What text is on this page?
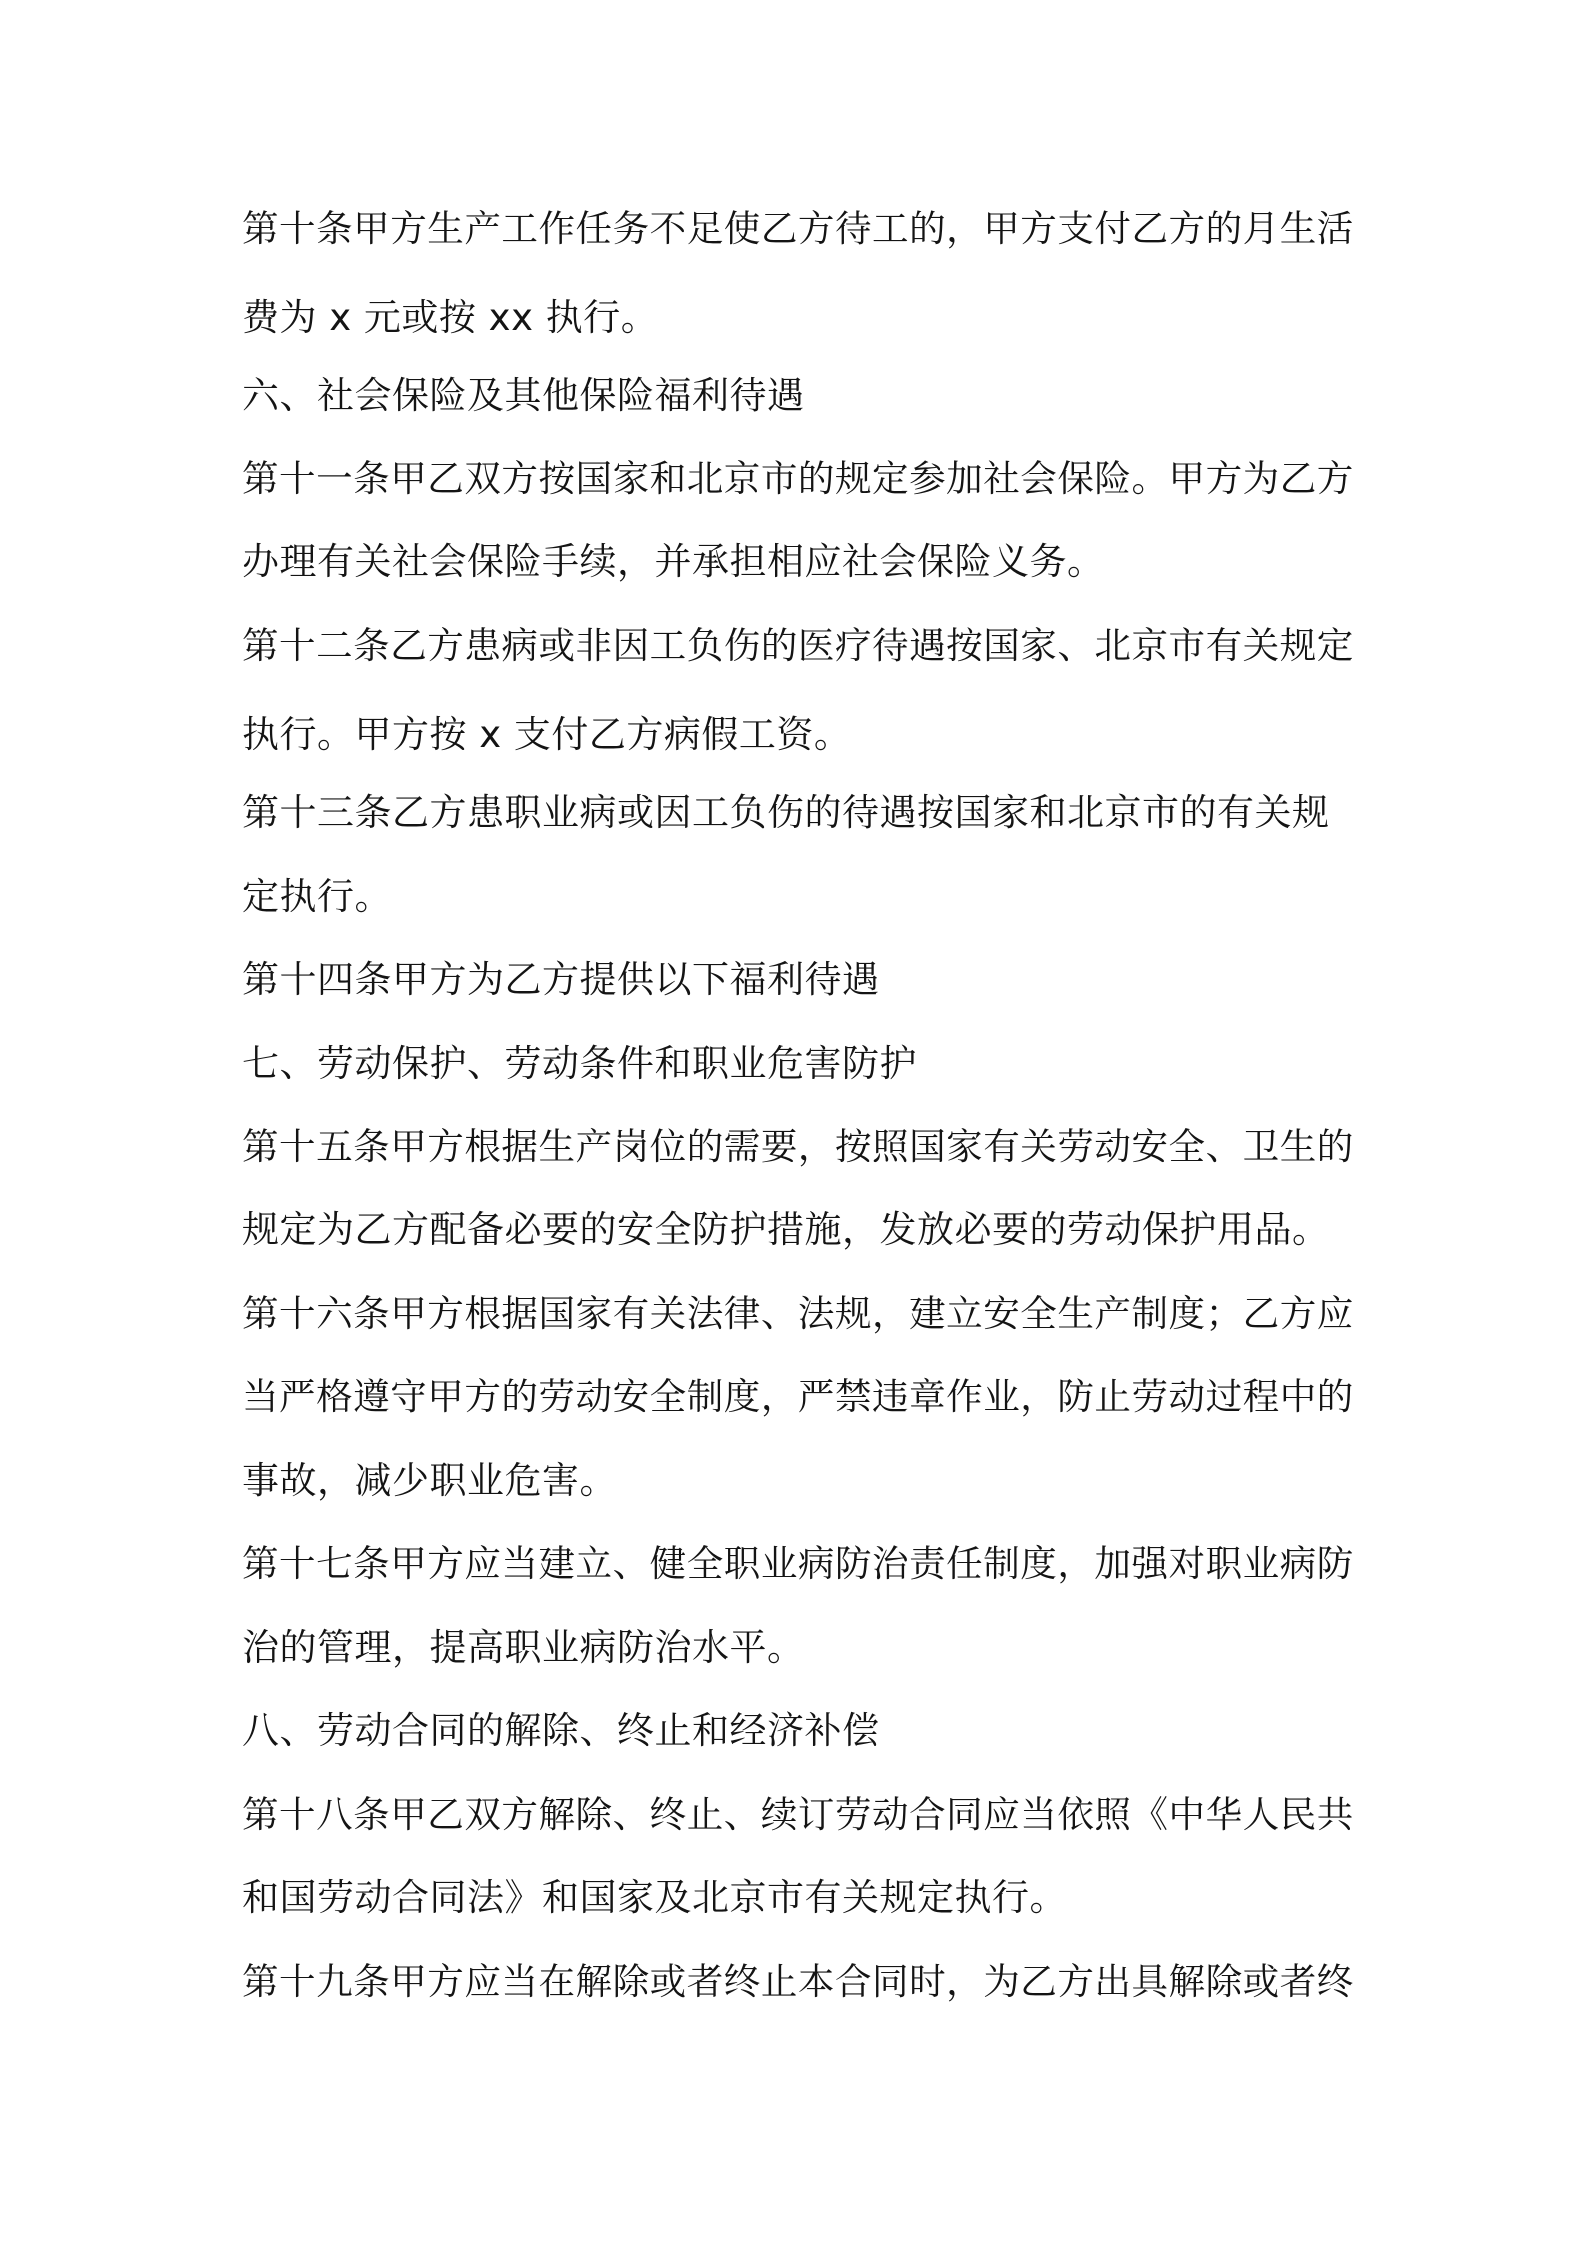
第十条甲方生产工作任务不足使乙方待工的，甲方支付乙方的月生活

费为 x 元或按 xx 执行。

六、社会保险及其他保险福利待遇

第十一条甲乙双方按国家和北京市的规定参加社会保险。甲方为乙方

办理有关社会保险手续，并承担相应社会保险义务。

第十二条乙方患病或非因工负伤的医疗待遇按国家、北京市有关规定

执行。甲方按 x 支付乙方病假工资。

第十三条乙方患职业病或因工负伤的待遇按国家和北京市的有关规

定执行。

第十四条甲方为乙方提供以下福利待遇

七、劳动保护、劳动条件和职业危害防护

第十五条甲方根据生产岗位的需要，按照国家有关劳动安全、卫生的

规定为乙方配备必要的安全防护措施，发放必要的劳动保护用品。

第十六条甲方根据国家有关法律、法规，建立安全生产制度；乙方应

当严格遵守甲方的劳动安全制度，严禁违章作业，防止劳动过程中的

事故，减少职业危害。

第十七条甲方应当建立、健全职业病防治责任制度，加强对职业病防

治的管理，提高职业病防治水平。

八、劳动合同的解除、终止和经济补偿

第十八条甲乙双方解除、终止、续订劳动合同应当依照《中华人民共

和国劳动合同法》和国家及北京市有关规定执行。

第十九条甲方应当在解除或者终止本合同时，为乙方出具解除或者终
